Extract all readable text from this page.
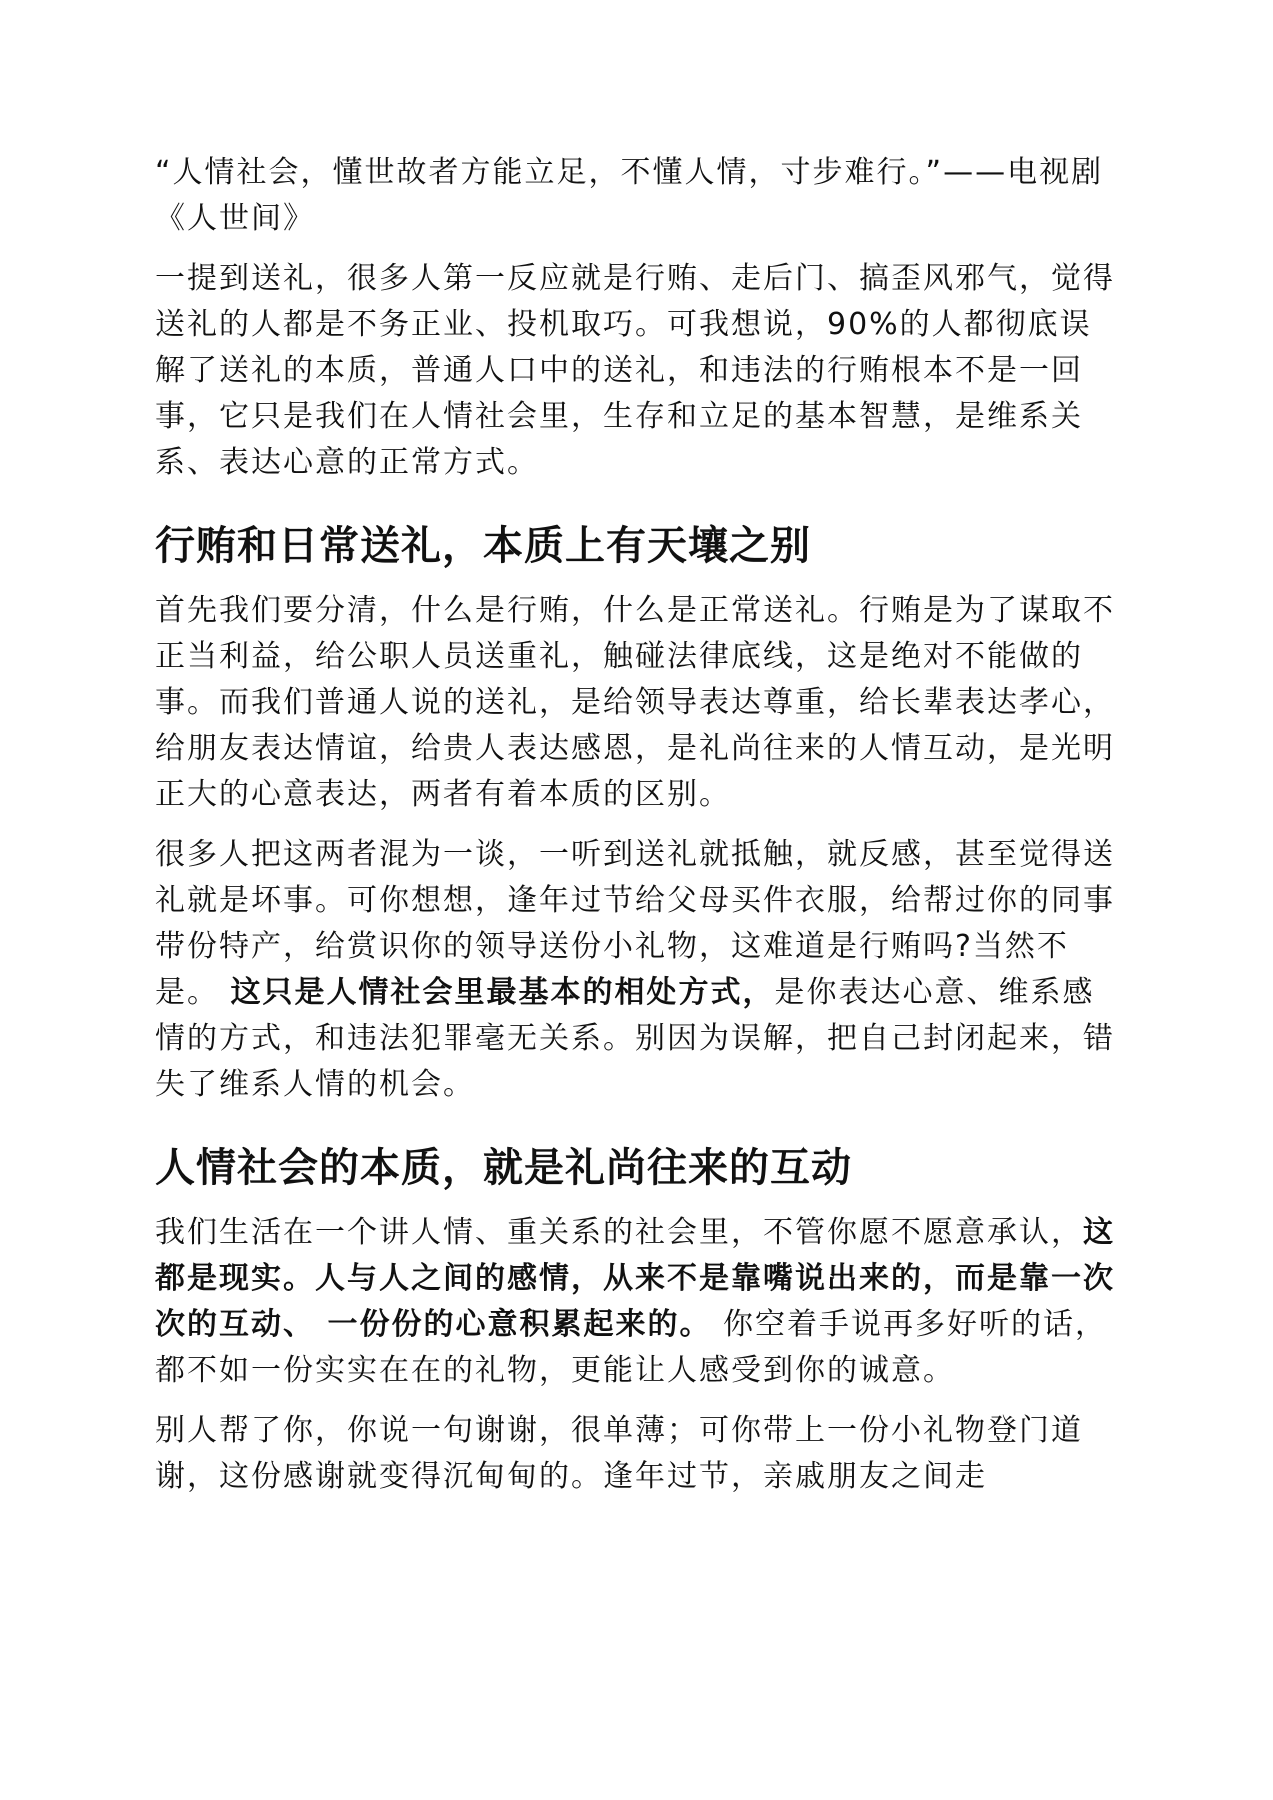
“人情社会，懂世故者方能立足，不懂人情，寸步难行。”——电视剧《人世间》

一提到送礼，很多人第一反应就是行贿、走后门、搞歪风邪气，觉得送礼的人都是不务正业、投机取巧。可我想说，90%的人都彻底误解了送礼的本质，普通人口中的送礼，和违法的行贿根本不是一回事，它只是我们在人情社会里，生存和立足的基本智慧，是维系关系、表达心意的正常方式。

行贿和日常送礼，本质上有天壤之别

首先我们要分清，什么是行贿，什么是正常送礼。行贿是为了谋取不正当利益，给公职人员送重礼，触碰法律底线，这是绝对不能做的事。而我们普通人说的送礼，是给领导表达尊重，给长辈表达孝心，给朋友表达情谊，给贵人表达感恩，是礼尚往来的人情互动，是光明正大的心意表达，两者有着本质的区别。

很多人把这两者混为一谈，一听到送礼就抵触，就反感，甚至觉得送礼就是坏事。可你想想，逢年过节给父母买件衣服，给帮过你的同事带份特产，给赏识你的领导送份小礼物，这难道是行贿吗?当然不是。 这只是人情社会里最基本的相处方式，是你表达心意、维系感情的方式，和违法犯罪毫无关系。别因为误解，把自己封闭起来，错失了维系人情的机会。

人情社会的本质，就是礼尚往来的互动

我们生活在一个讲人情、重关系的社会里，不管你愿不愿意承认，这都是现实。人与人之间的感情，从来不是靠嘴说出来的，而是靠一次次的互动、 一份份的心意积累起来的。 你空着手说再多好听的话，都不如一份实实在在的礼物，更能让人感受到你的诚意。

别人帮了你，你说一句谢谢，很单薄；可你带上一份小礼物登门道谢，这份感谢就变得沉甸甸的。逢年过节，亲戚朋友之间走
